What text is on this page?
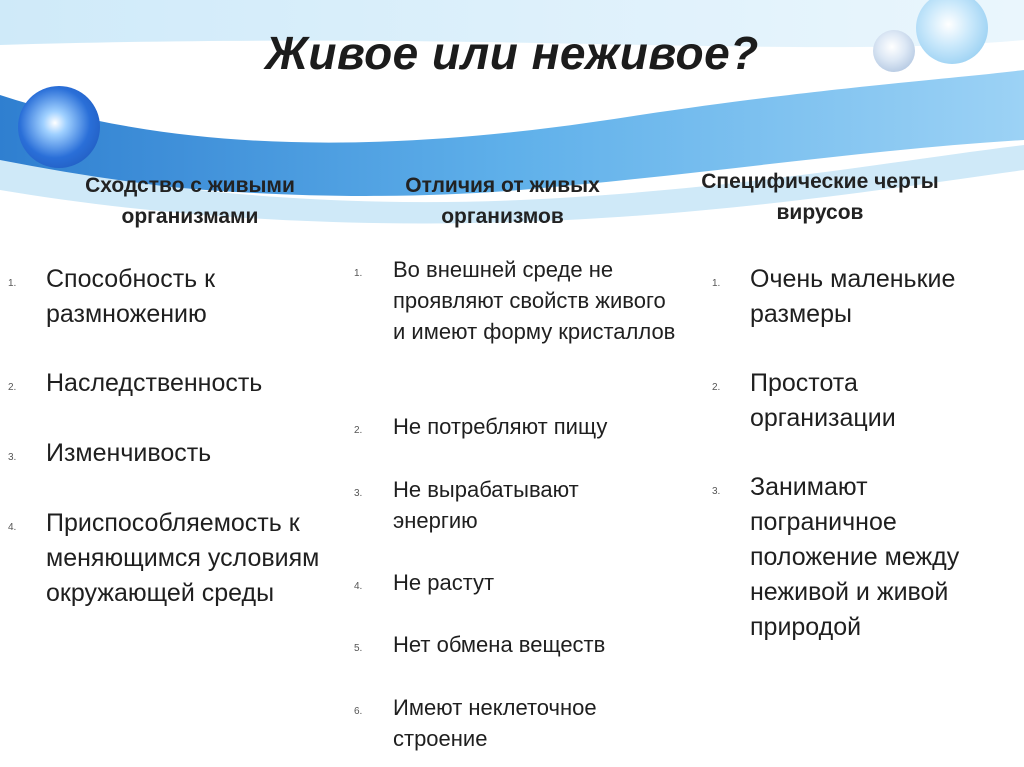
Живое или неживое?
Сходство с живыми организмами
1. Способность к размножению
2. Наследственность
3. Изменчивость
4. Приспособляемость к меняющимся условиям окружающей среды
Отличия от живых организмов
1. Во внешней среде не проявляют свойств живого и имеют форму кристаллов
2. Не потребляют пищу
3. Не вырабатывают энергию
4. Не растут
5. Нет обмена веществ
6. Имеют неклеточное строение
Специфические черты вирусов
1. Очень маленькие размеры
2. Простота организации
3. Занимают пограничное положение между неживой и живой природой
